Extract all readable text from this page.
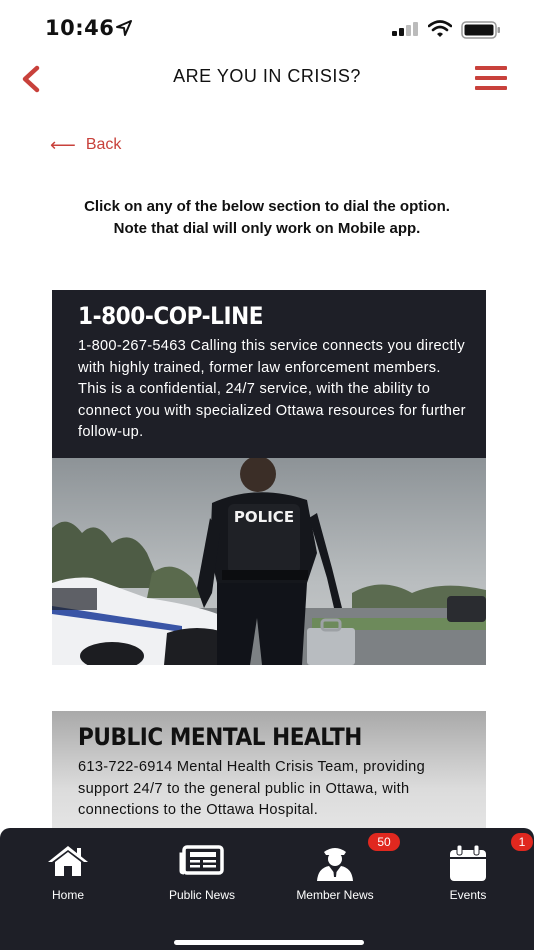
10:46
ARE YOU IN CRISIS?
⟵ Back
Click on any of the below section to dial the option.
Note that dial will only work on Mobile app.
1-800-COP-LINE
1-800-267-5463 Calling this service connects you directly with highly trained, former law enforcement members. This is a confidential, 24/7 service, with the ability to connect you with specialized Ottawa resources for further follow-up.
POLICE
PUBLIC MENTAL HEALTH
613-722-6914 Mental Health Crisis Team, providing support 24/7 to the general public in Ottawa, with connections to the Ottawa Hospital.
Home	Public News
50
Member News
1
Events
